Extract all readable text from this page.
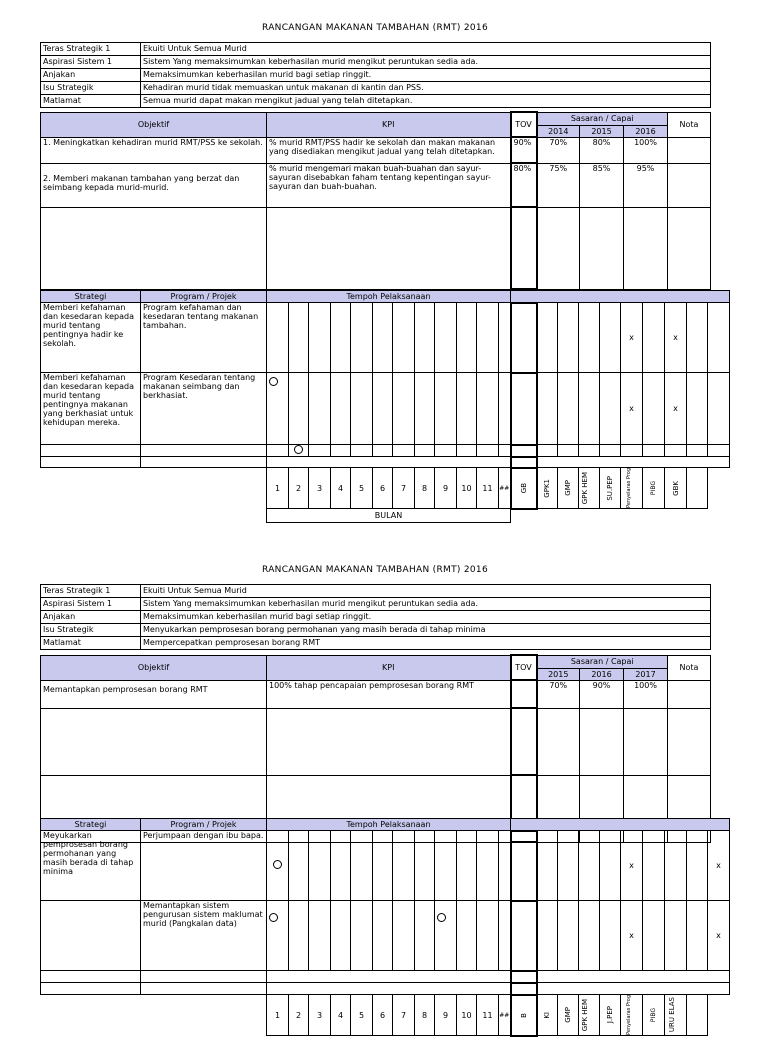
RANCANGAN MAKANAN TAMBAHAN (RMT) 2016
Teras Strategik 1	Ekuiti Untuk Semua Murid
Aspirasi Sistem 1	Sistem Yang memaksimumkan keberhasilan murid mengikut peruntukan sedia ada.
Anjakan	Memaksimumkan keberhasilan murid bagi setiap ringgit.
Isu Strategik	Kehadiran murid tidak memuaskan untuk makanan di kantin dan PSS.
Matlamat	Semua murid dapat makan mengikut jadual yang telah ditetapkan.
Objektif	KPI	TOV	Sasaran / Capai			Nota
			2014	2015	2016	
1. Meningkatkan kehadiran murid RMT/PSS ke sekolah.	% murid RMT/PSS hadir ke sekolah dan makan makanan yang disediakan mengikut jadual yang telah ditetapkan.	90%	70%	80%	100%	
2. Memberi makanan tambahan yang berzat dan seimbang kepada murid-murid.	% murid mengemari makan buah-buahan dan sayur-sayuran disebabkan faham tentang kepentingan sayur-sayuran dan buah-buahan.	80%	75%	85%	95%	

Strategi	Program / Projek	Tempoh Pelaksanaan																					
Memberi kefahaman dan kesedaran kepada murid tentang pentingnya hadir ke sekolah.	Program kefahaman dan kesedaran tentang makanan tambahan.																		x		x		
Memberi kefahaman dan kesedaran kepada murid tentang pentingnya makanan yang berkhasiat untuk kehidupan mereka.	Program Kesedaran tentang makanan seimbang dan berkhasiat.																		x		x		

		1	2	3	4	5	6	7	8	9	10	11	##	GB	GPK1	GMP	GPK HEM	SU.PEP	Penyelaras Prog	PIBG	GBK		

		BULAN																					
RANCANGAN MAKANAN TAMBAHAN (RMT) 2016
Teras Strategik 1	Ekuiti Untuk Semua Murid
Aspirasi Sistem 1	Sistem Yang memaksimumkan keberhasilan murid mengikut peruntukan sedia ada.
Anjakan	Memaksimumkan keberhasilan murid bagi setiap ringgit.
Isu Strategik	Menyukarkan pemprosesan borang permohanan yang masih berada di tahap minima
Matlamat	Mempercepatkan pemprosesan borang RMT
Objektif	KPI	TOV	Sasaran / Capai			Nota
			2015	2016	2017	
Memantapkan pemprosesan borang RMT	100% tahap pencapaian pemprosesan borang RMT		70%	90%	100%	

Strategi	Program / Projek	Tempoh Pelaksanaan																					
Meyukarkan pemprosesan borang permohanan yang masih berada di tahap minima	Perjumpaan dengan ibu bapa.																		x				x
	Memantapkan sistem pengurusan sistem maklumat murid (Pangkalan data)																		x				x

		1	2	3	4	5	6	7	8	9	10	11	##	B	KI	GMP	GPK HEM	J.PEP	Penyelaras Prog	PIBG	URU ELAS		
